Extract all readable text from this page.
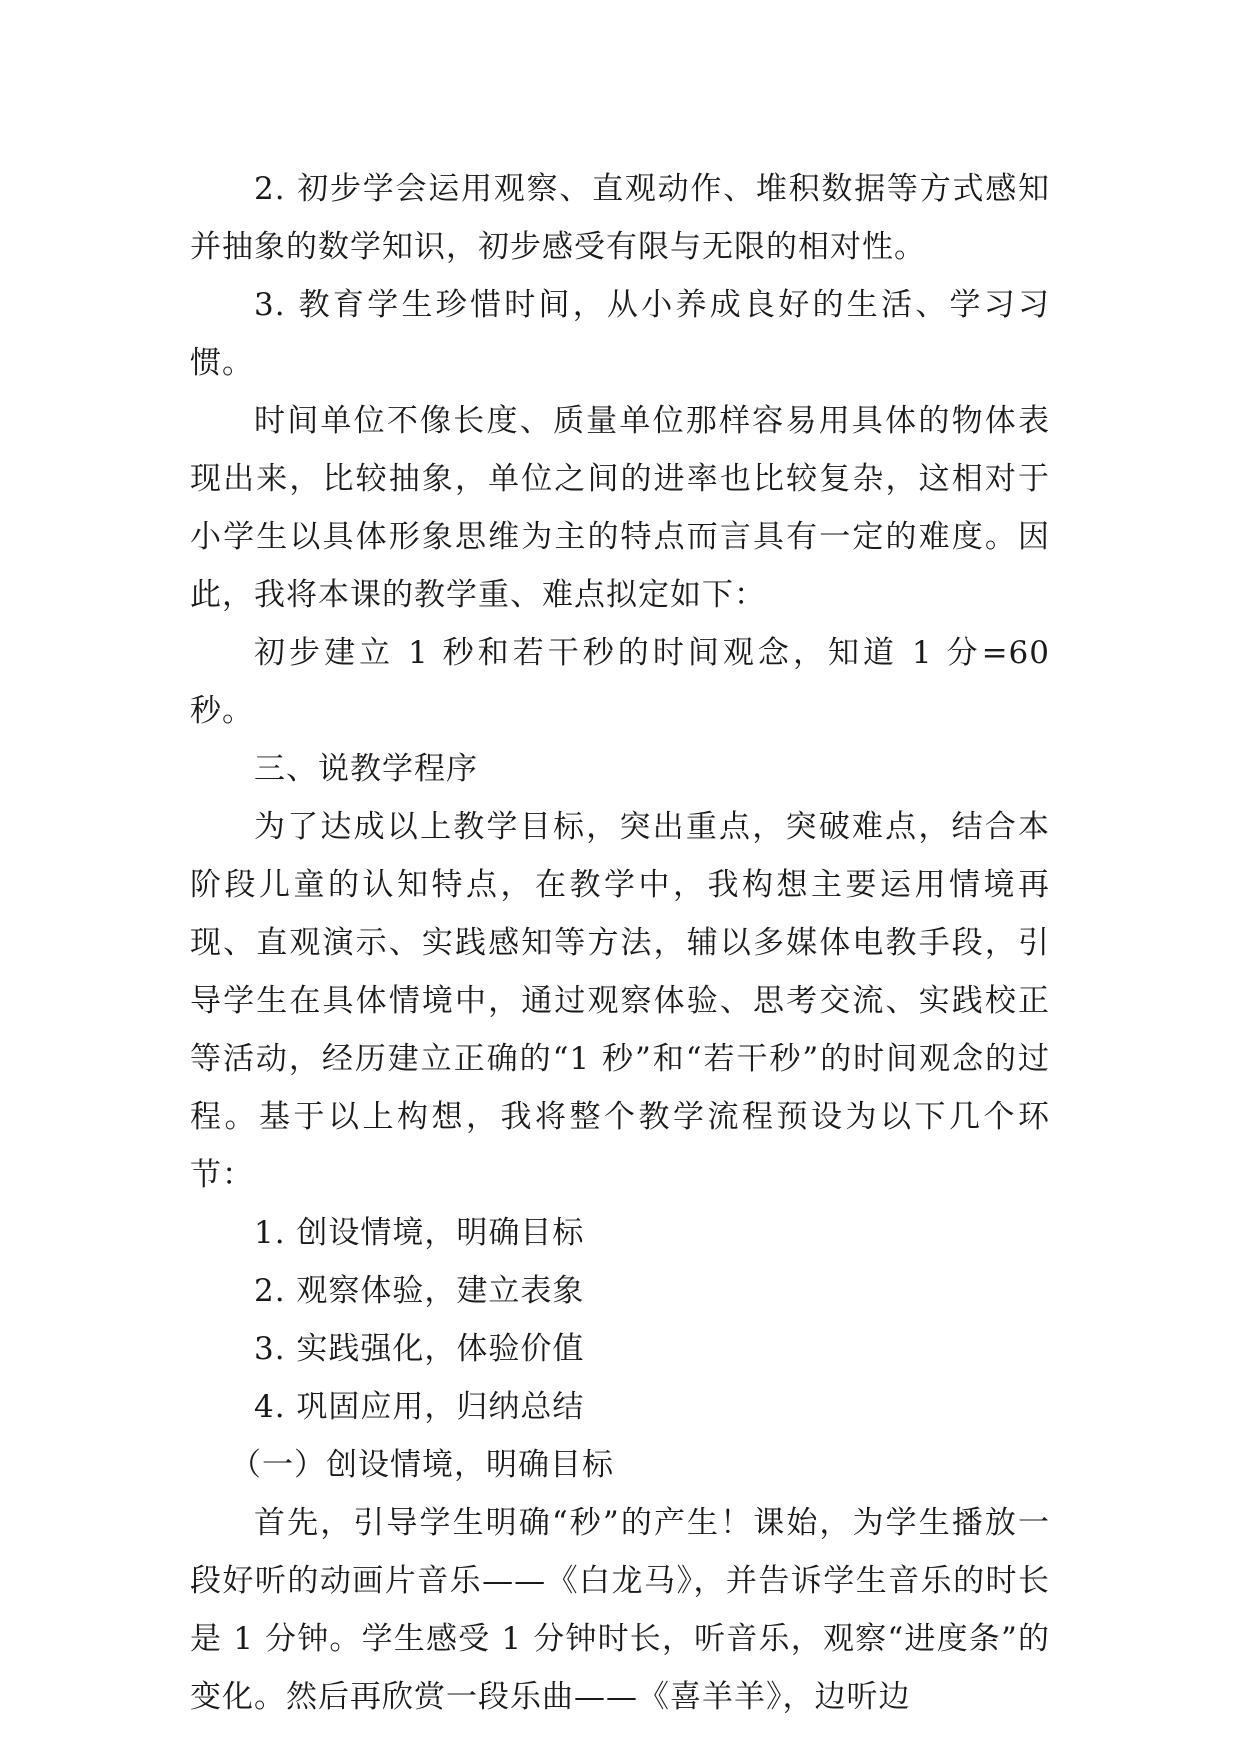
2. 初步学会运用观察、直观动作、堆积数据等方式感知并抽象的数学知识，初步感受有限与无限的相对性。

3. 教育学生珍惜时间，从小养成良好的生活、学习习惯。

时间单位不像长度、质量单位那样容易用具体的物体表现出来，比较抽象，单位之间的进率也比较复杂，这相对于小学生以具体形象思维为主的特点而言具有一定的难度。因此，我将本课的教学重、难点拟定如下：

初步建立 1 秒和若干秒的时间观念，知道 1 分=60 秒。

三、说教学程序

为了达成以上教学目标，突出重点，突破难点，结合本阶段儿童的认知特点，在教学中，我构想主要运用情境再现、直观演示、实践感知等方法，辅以多媒体电教手段，引导学生在具体情境中，通过观察体验、思考交流、实践校正等活动，经历建立正确的“1 秒”和“若干秒”的时间观念的过程。基于以上构想，我将整个教学流程预设为以下几个环节：

1. 创设情境，明确目标

2. 观察体验，建立表象

3. 实践强化，体验价值

4. 巩固应用，归纳总结

（一）创设情境，明确目标

首先，引导学生明确“秒”的产生！课始，为学生播放一段好听的动画片音乐——《白龙马》，并告诉学生音乐的时长是 1 分钟。学生感受 1 分钟时长，听音乐，观察“进度条”的变化。然后再欣赏一段乐曲——《喜羊羊》，边听边
